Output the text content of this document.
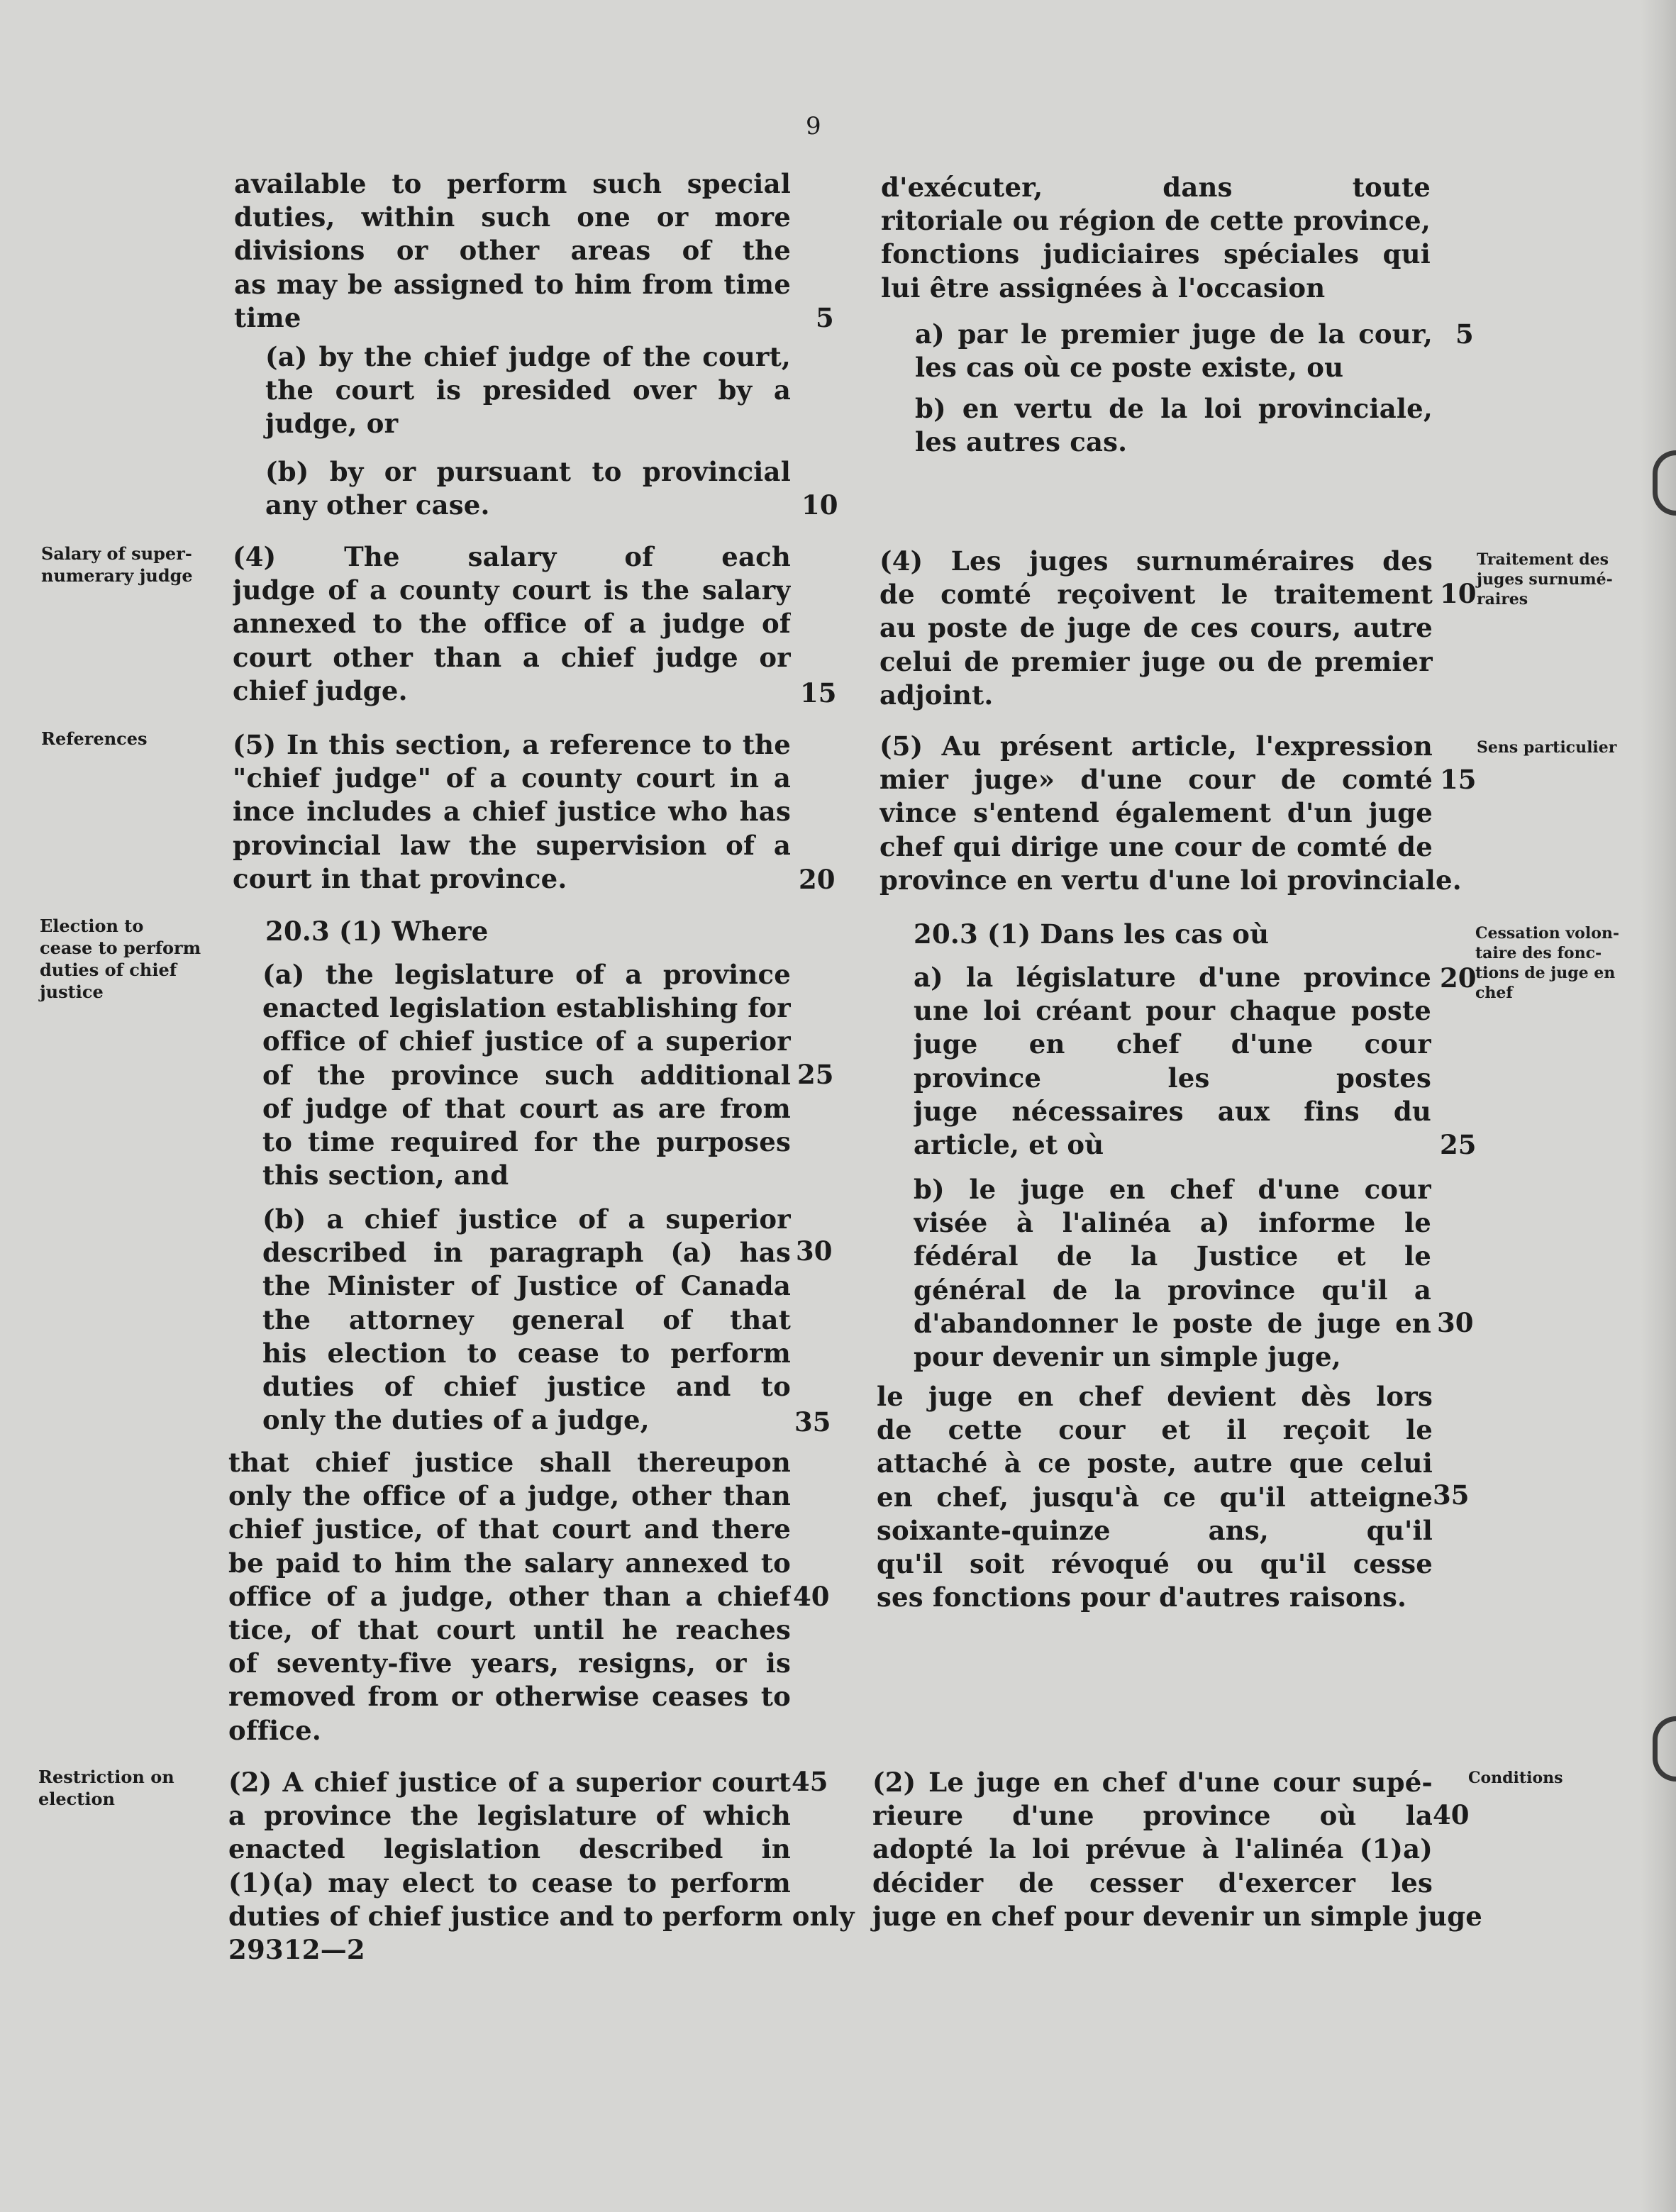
9
available to perform such special
duties, within such one or more
divisions or other areas of the
as may be assigned to him from time
time
(a) by the chief judge of the court,
the court is presided over by a
judge, or
(b) by or pursuant to provincial
any other case.
(4) The salary of each
judge of a county court is the salary
annexed to the office of a judge of
court other than a chief judge or
chief judge.
(5) In this section, a reference to the
"chief judge" of a county court in a
ince includes a chief justice who has
provincial law the supervision of a
court in that province.
20.3 (1) Where
(a) the legislature of a province
enacted legislation establishing for
office of chief justice of a superior
of the province such additional
of judge of that court as are from
to time required for the purposes
this section, and
(b) a chief justice of a superior
described in paragraph (a) has
the Minister of Justice of Canada
the attorney general of that
his election to cease to perform
duties of chief justice and to
only the duties of a judge,
that chief justice shall thereupon
only the office of a judge, other than
chief justice, of that court and there
be paid to him the salary annexed to
office of a judge, other than a chief
tice, of that court until he reaches
of seventy-five years, resigns, or is
removed from or otherwise ceases to
office.
(2) A chief justice of a superior court
a province the legislature of which
enacted legislation described in
(1)(a) may elect to cease to perform
duties of chief justice and to perform only
29312—2
5
10
15
20
25
30
35
40
45
Salary of super-
numerary judge
References
Election to
cease to perform
duties of chief
justice
Restriction on
election
d'exécuter, dans toute
ritoriale ou région de cette province,
fonctions judiciaires spéciales qui
lui être assignées à l'occasion
a) par le premier juge de la cour,
les cas où ce poste existe, ou
b) en vertu de la loi provinciale,
les autres cas.
(4) Les juges surnuméraires des
de comté reçoivent le traitement
au poste de juge de ces cours, autre
celui de premier juge ou de premier
adjoint.
(5) Au présent article, l'expression
mier juge» d'une cour de comté
vince s'entend également d'un juge
chef qui dirige une cour de comté de
province en vertu d'une loi provinciale.
20.3 (1) Dans les cas où
a) la législature d'une province
une loi créant pour chaque poste
juge en chef d'une cour
province les postes
juge nécessaires aux fins du
article, et où
b) le juge en chef d'une cour
visée à l'alinéa a) informe le
fédéral de la Justice et le
général de la province qu'il a
d'abandonner le poste de juge en
pour devenir un simple juge,
le juge en chef devient dès lors
de cette cour et il reçoit le
attaché à ce poste, autre que celui
en chef, jusqu'à ce qu'il atteigne
soixante-quinze ans, qu'il
qu'il soit révoqué ou qu'il cesse
ses fonctions pour d'autres raisons.
(2) Le juge en chef d'une cour supé-
rieure d'une province où la
adopté la loi prévue à l'alinéa (1)a)
décider de cesser d'exercer les
juge en chef pour devenir un simple juge
5
10
15
20
25
30
35
40
Traitement des
juges surnumé-
raires
Sens particulier
Cessation volon-
taire des fonc-
tions de juge en
chef
Conditions
